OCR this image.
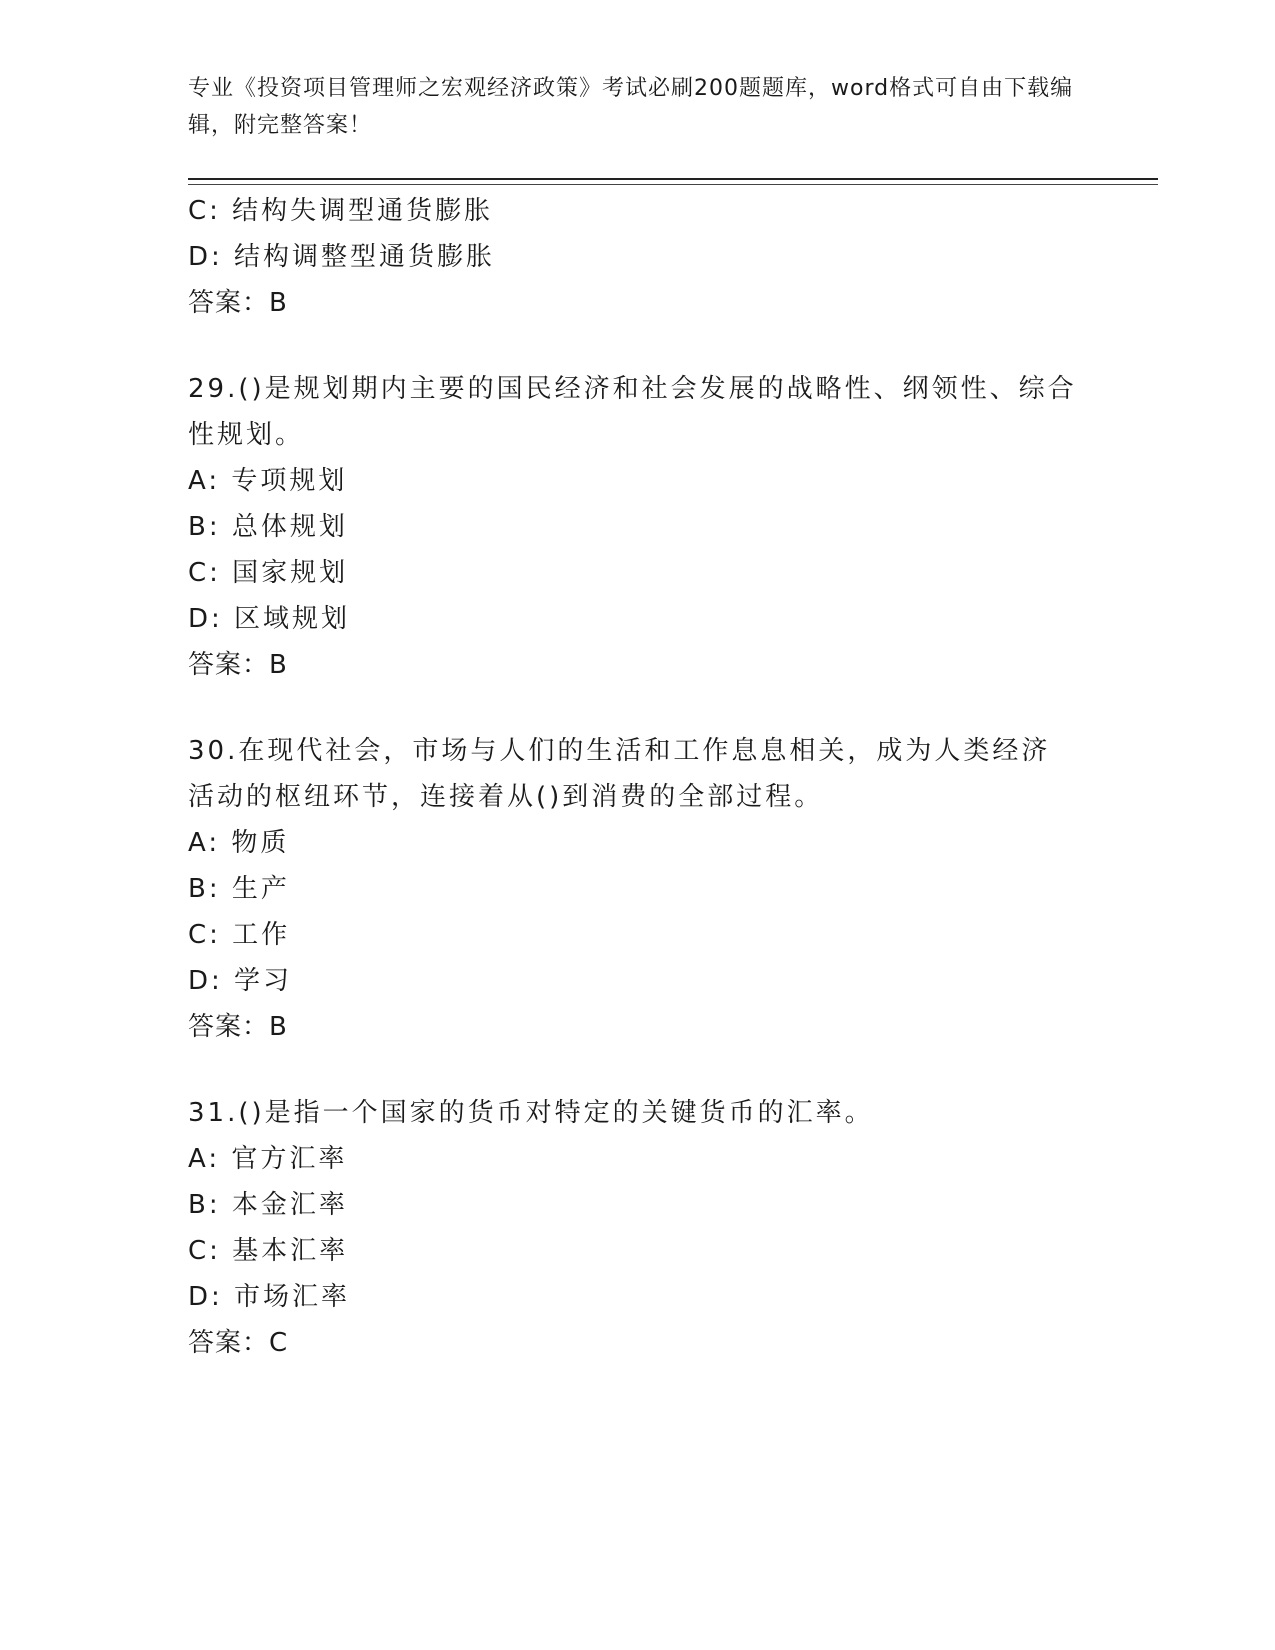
专业《投资项目管理师之宏观经济政策》考试必刷200题题库，word格式可自由下载编辑，附完整答案！
C: 结构失调型通货膨胀
D: 结构调整型通货膨胀
答案：B
29.()是规划期内主要的国民经济和社会发展的战略性、纲领性、综合性规划。
A: 专项规划
B: 总体规划
C: 国家规划
D: 区域规划
答案：B
30.在现代社会，市场与人们的生活和工作息息相关，成为人类经济活动的枢纽环节，连接着从()到消费的全部过程。
A: 物质
B: 生产
C: 工作
D: 学习
答案：B
31.()是指一个国家的货币对特定的关键货币的汇率。
A: 官方汇率
B: 本金汇率
C: 基本汇率
D: 市场汇率
答案：C
